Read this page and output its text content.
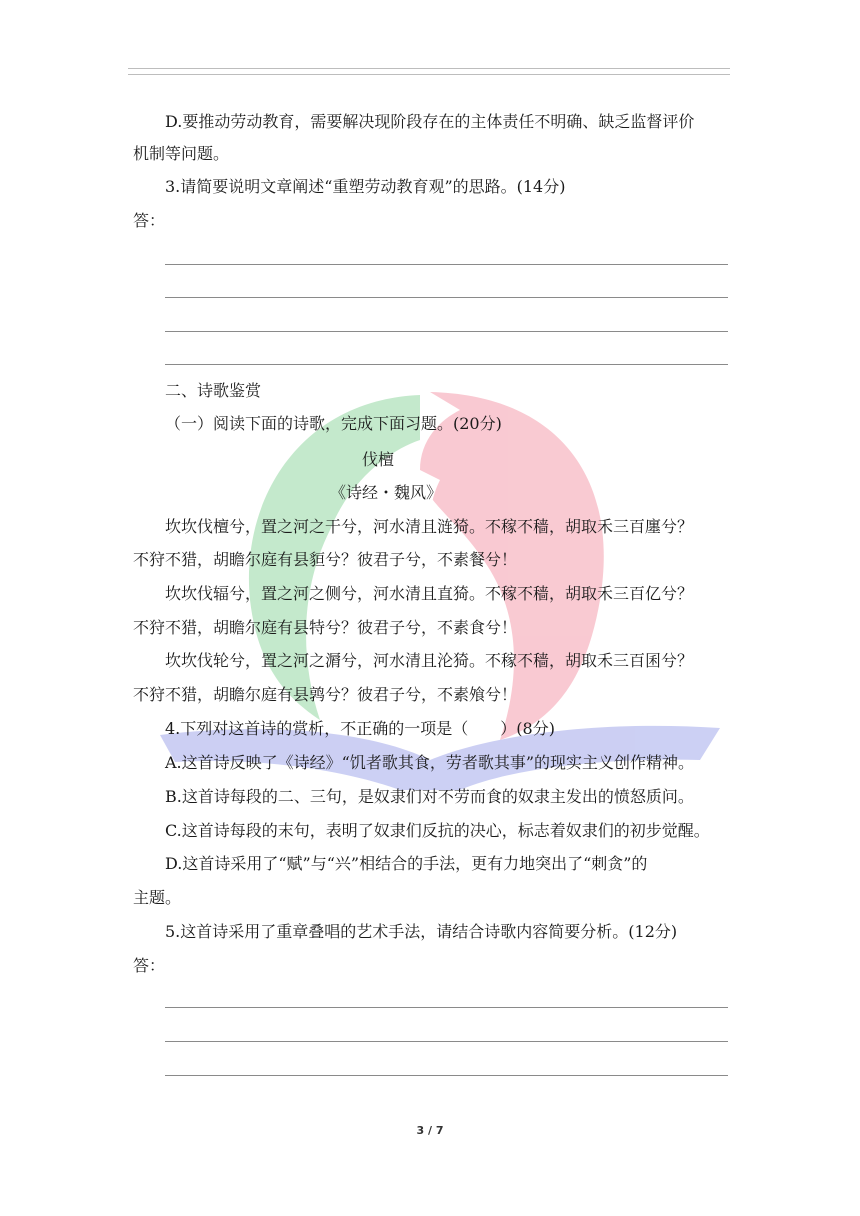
D.要推动劳动教育，需要解决现阶段存在的主体责任不明确、缺乏监督评价
机制等问题。
3.请简要说明文章阐述“重塑劳动教育观”的思路。(14分)
答：
二、诗歌鉴赏
（一）阅读下面的诗歌，完成下面习题。(20分)
伐檀
《诗经・魏风》
坎坎伐檀兮，置之河之干兮，河水清且涟猗。不稼不穑，胡取禾三百廛兮？
不狩不猎，胡瞻尔庭有县貆兮？彼君子兮，不素餐兮！
坎坎伐辐兮，置之河之侧兮，河水清且直猗。不稼不穑，胡取禾三百亿兮？
不狩不猎，胡瞻尔庭有县特兮？彼君子兮，不素食兮！
坎坎伐轮兮，置之河之漘兮，河水清且沦猗。不稼不穑，胡取禾三百囷兮？
不狩不猎，胡瞻尔庭有县鹑兮？彼君子兮，不素飧兮！
4.下列对这首诗的赏析，不正确的一项是（　　）(8分)
A.这首诗反映了《诗经》“饥者歌其食，劳者歌其事”的现实主义创作精神。
B.这首诗每段的二、三句，是奴隶们对不劳而食的奴隶主发出的愤怒质问。
C.这首诗每段的末句，表明了奴隶们反抗的决心，标志着奴隶们的初步觉醒。
D.这首诗采用了“赋”与“兴”相结合的手法，更有力地突出了“刺贪”的
主题。
5.这首诗采用了重章叠唱的艺术手法，请结合诗歌内容简要分析。(12分)
答：
3 / 7
